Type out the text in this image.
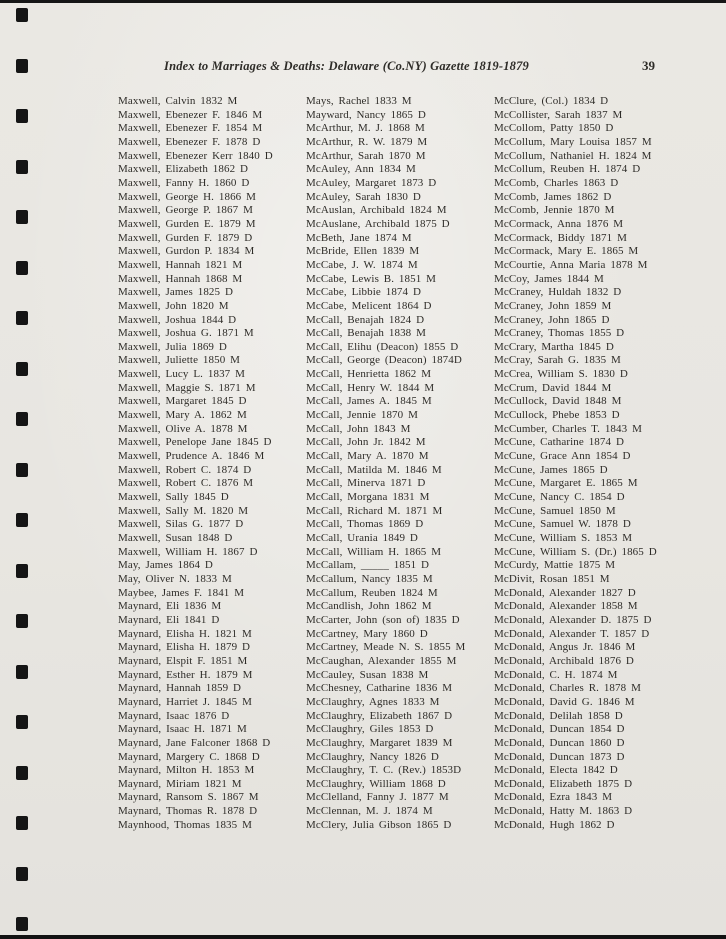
Index to Marriages & Deaths: Delaware (Co.NY) Gazette 1819-1879	39
Maxwell, Calvin 1832 M
Maxwell, Ebenezer F. 1846 M
Maxwell, Ebenezer F. 1854 M
Maxwell, Ebenezer F. 1878 D
Maxwell, Ebenezer Kerr 1840 D
Maxwell, Elizabeth 1862 D
Maxwell, Fanny H. 1860 D
Maxwell, George H. 1866 M
Maxwell, George P. 1867 M
Maxwell, Gurden E. 1879 M
Maxwell, Gurden F. 1879 D
Maxwell, Gurdon P. 1834 M
Maxwell, Hannah 1821 M
Maxwell, Hannah 1868 M
Maxwell, James 1825 D
Maxwell, John 1820 M
Maxwell, Joshua 1844 D
Maxwell, Joshua G. 1871 M
Maxwell, Julia 1869 D
Maxwell, Juliette 1850 M
Maxwell, Lucy L. 1837 M
Maxwell, Maggie S. 1871 M
Maxwell, Margaret 1845 D
Maxwell, Mary A. 1862 M
Maxwell, Olive A. 1878 M
Maxwell, Penelope Jane 1845 D
Maxwell, Prudence A. 1846 M
Maxwell, Robert C. 1874 D
Maxwell, Robert C. 1876 M
Maxwell, Sally 1845 D
Maxwell, Sally M. 1820 M
Maxwell, Silas G. 1877 D
Maxwell, Susan 1848 D
Maxwell, William H. 1867 D
May, James 1864 D
May, Oliver N. 1833 M
Maybee, James F. 1841 M
Maynard, Eli 1836 M
Maynard, Eli 1841 D
Maynard, Elisha H. 1821 M
Maynard, Elisha H. 1879 D
Maynard, Elspit F. 1851 M
Maynard, Esther H. 1879 M
Maynard, Hannah 1859 D
Maynard, Harriet J. 1845 M
Maynard, Isaac 1876 D
Maynard, Isaac H. 1871 M
Maynard, Jane Falconer 1868 D
Maynard, Margery C. 1868 D
Maynard, Milton H. 1853 M
Maynard, Miriam 1821 M
Maynard, Ransom S. 1867 M
Maynard, Thomas R. 1878 D
Maynhood, Thomas 1835 M
Mays, Rachel 1833 M
Mayward, Nancy 1865 D
McArthur, M. J. 1868 M
McArthur, R. W. 1879 M
McArthur, Sarah 1870 M
McAuley, Ann 1834 M
McAuley, Margaret 1873 D
McAuley, Sarah 1830 D
McAuslan, Archibald 1824 M
McAuslane, Archibald 1875 D
McBeth, Jane 1874 M
McBride, Ellen 1839 M
McCabe, J. W. 1874 M
McCabe, Lewis B. 1851 M
McCabe, Libbie 1874 D
McCabe, Melicent 1864 D
McCall, Benajah 1824 D
McCall, Benajah 1838 M
McCall, Elihu (Deacon) 1855 D
McCall, George (Deacon) 1874D
McCall, Henrietta 1862 M
McCall, Henry W. 1844 M
McCall, James A. 1845 M
McCall, Jennie 1870 M
McCall, John 1843 M
McCall, John Jr. 1842 M
McCall, Mary A. 1870 M
McCall, Matilda M. 1846 M
McCall, Minerva 1871 D
McCall, Morgana 1831 M
McCall, Richard M. 1871 M
McCall, Thomas 1869 D
McCall, Urania 1849 D
McCall, William H. 1865 M
McCallam, _____ 1851 D
McCallum, Nancy 1835 M
McCallum, Reuben 1824 M
McCandlish, John 1862 M
McCarter, John (son of) 1835 D
McCartney, Mary 1860 D
McCartney, Meade N. S. 1855 M
McCaughan, Alexander 1855 M
McCauley, Susan 1838 M
McChesney, Catharine 1836 M
McClaughry, Agnes 1833 M
McClaughry, Elizabeth 1867 D
McClaughry, Giles 1853 D
McClaughry, Margaret 1839 M
McClaughry, Nancy 1826 D
McClaughry, T. C. (Rev.) 1853D
McClaughry, William 1868 D
McClelland, Fanny J. 1877 M
McClennan, M. J. 1874 M
McClery, Julia Gibson 1865 D
McClure, (Col.) 1834 D
McCollister, Sarah 1837 M
McCollom, Patty 1850 D
McCollum, Mary Louisa 1857 M
McCollum, Nathaniel H. 1824 M
McCollum, Reuben H. 1874 D
McComb, Charles 1863 D
McComb, James 1862 D
McComb, Jennie 1870 M
McCormack, Anna 1876 M
McCormack, Biddy 1871 M
McCormack, Mary E. 1865 M
McCourtie, Anna Maria 1878 M
McCoy, James 1844 M
McCraney, Huldah 1832 D
McCraney, John 1859 M
McCraney, John 1865 D
McCraney, Thomas 1855 D
McCrary, Martha 1845 D
McCray, Sarah G. 1835 M
McCrea, William S. 1830 D
McCrum, David 1844 M
McCullock, David 1848 M
McCullock, Phebe 1853 D
McCumber, Charles T. 1843 M
McCune, Catharine 1874 D
McCune, Grace Ann 1854 D
McCune, James 1865 D
McCune, Margaret E. 1865 M
McCune, Nancy C. 1854 D
McCune, Samuel 1850 M
McCune, Samuel W. 1878 D
McCune, William S. 1853 M
McCune, William S. (Dr.) 1865 D
McCurdy, Mattie 1875 M
McDivit, Rosan 1851 M
McDonald, Alexander 1827 D
McDonald, Alexander 1858 M
McDonald, Alexander D. 1875 D
McDonald, Alexander T. 1857 D
McDonald, Angus Jr. 1846 M
McDonald, Archibald 1876 D
McDonald, C. H. 1874 M
McDonald, Charles R. 1878 M
McDonald, David G. 1846 M
McDonald, Delilah 1858 D
McDonald, Duncan 1854 D
McDonald, Duncan 1860 D
McDonald, Duncan 1873 D
McDonald, Electa 1842 D
McDonald, Elizabeth 1875 D
McDonald, Ezra 1843 M
McDonald, Hatty M. 1863 D
McDonald, Hugh 1862 D
